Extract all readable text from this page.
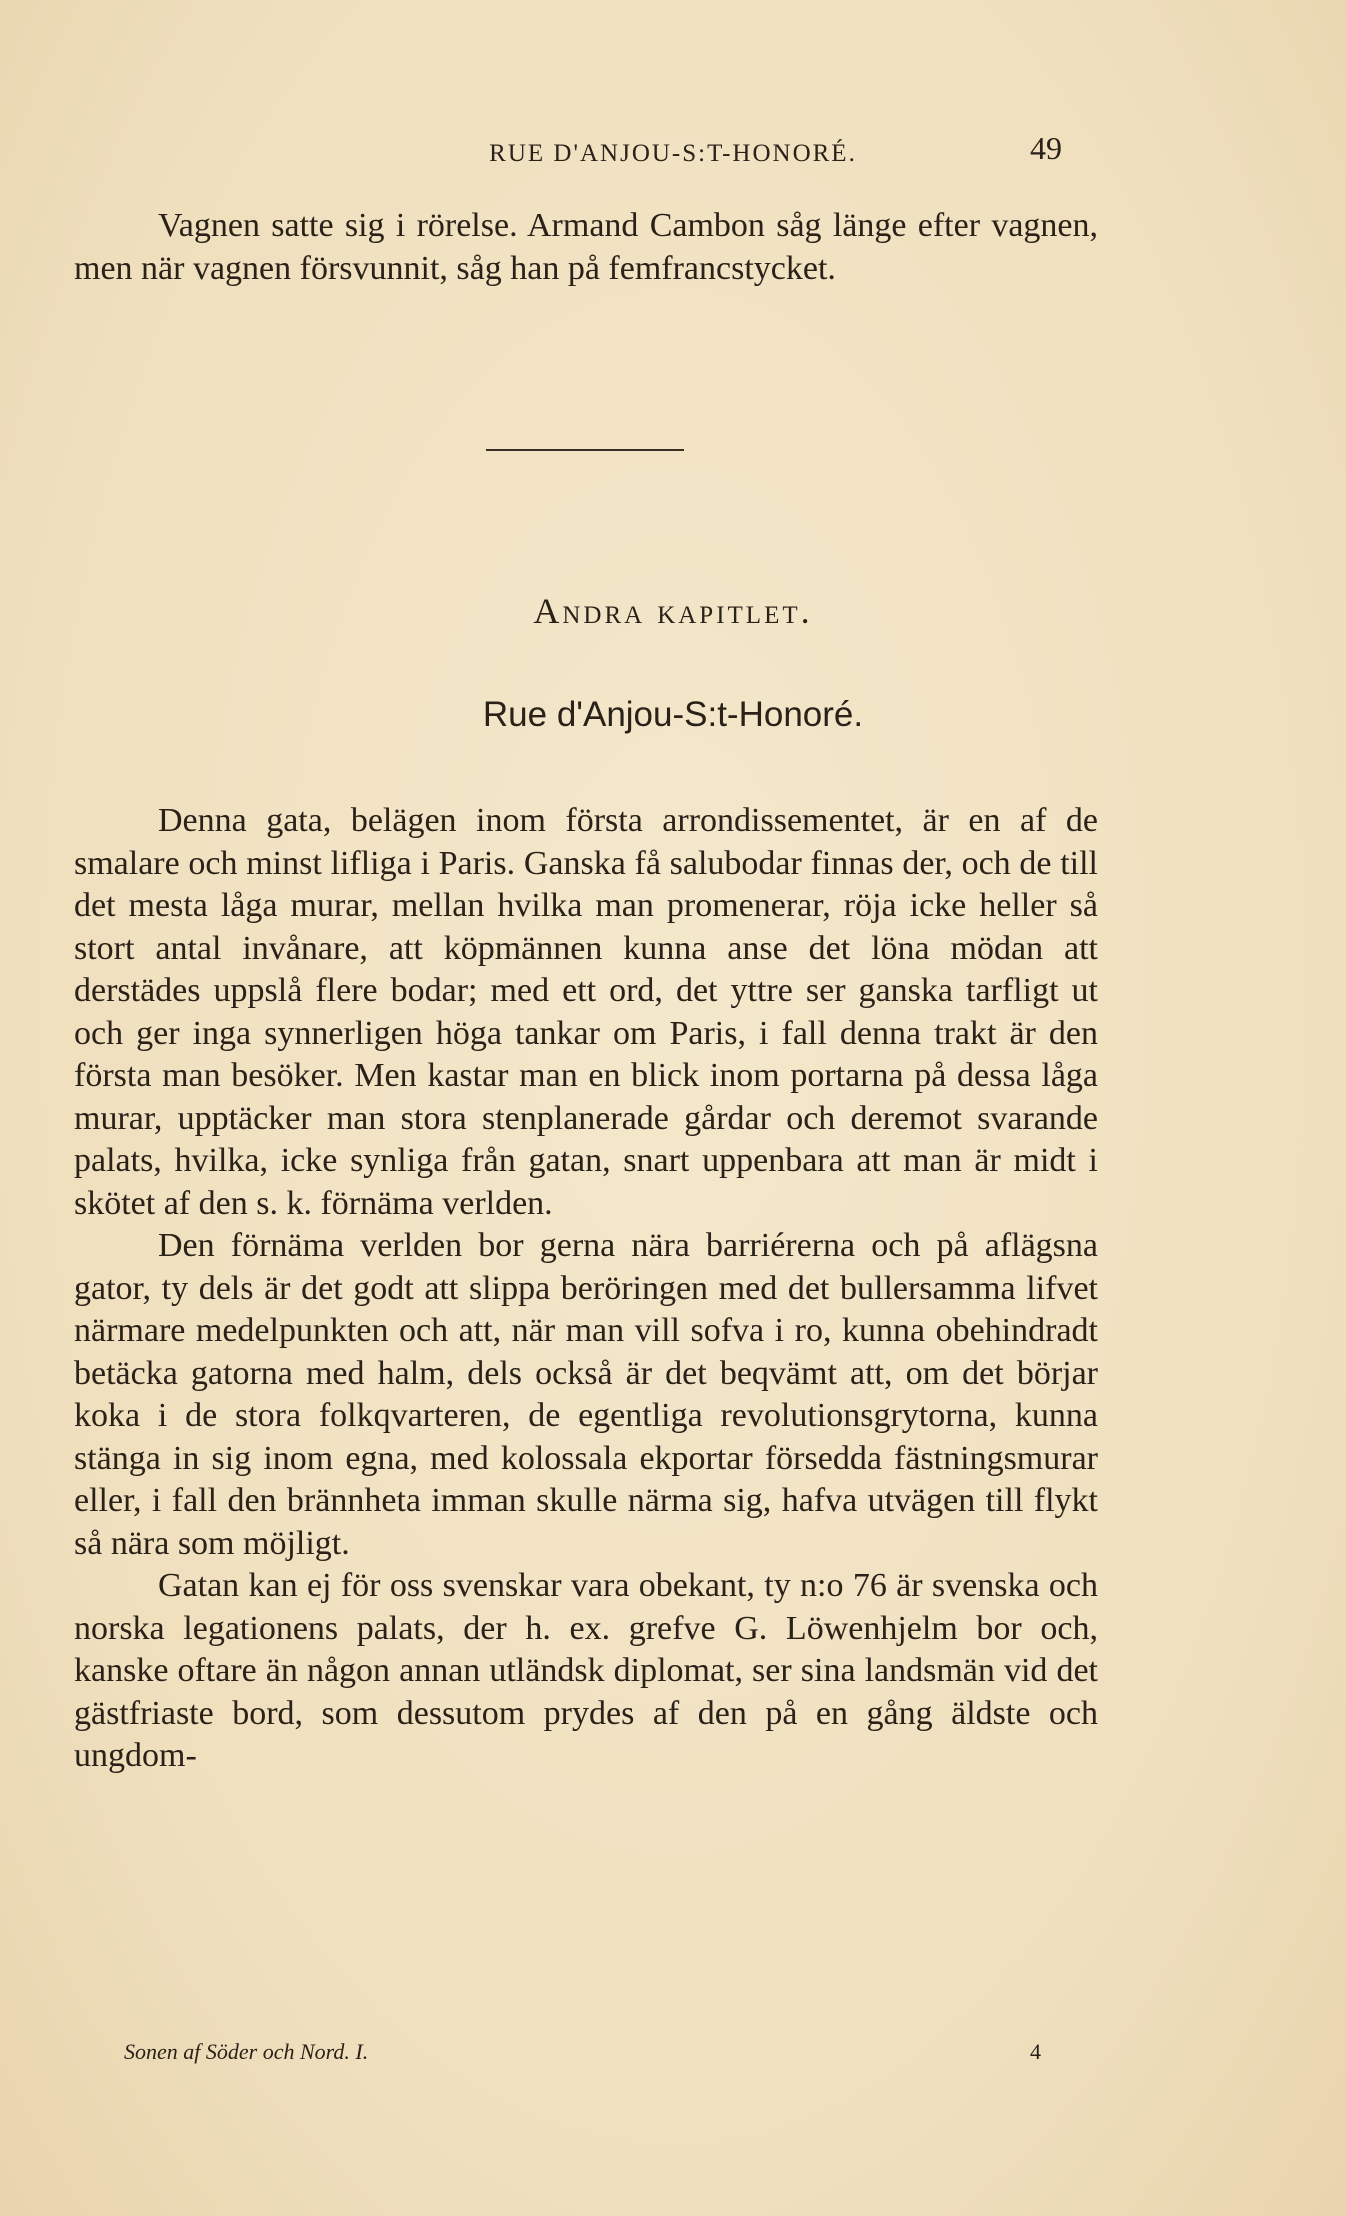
RUE D'ANJOU-S:T-HONORÉ.	49

Vagnen satte sig i rörelse. Armand Cambon såg länge efter vagnen, men när vagnen försvunnit, såg han på femfrancstycket.

Andra kapitlet.
Rue d'Anjou-S:t-Honoré.

Denna gata, belägen inom första arrondissementet, är en af de smalare och minst lifliga i Paris. Ganska få salubodar finnas der, och de till det mesta låga murar, mellan hvilka man promenerar, röja icke heller så stort antal invånare, att köpmännen kunna anse det löna mödan att derstädes uppslå flere bodar; med ett ord, det yttre ser ganska tarfligt ut och ger inga synnerligen höga tankar om Paris, i fall denna trakt är den första man besöker. Men kastar man en blick inom portarna på dessa låga murar, upptäcker man stora stenplanerade gårdar och deremot svarande palats, hvilka, icke synliga från gatan, snart uppenbara att man är midt i skötet af den s. k. förnäma verlden.

Den förnäma verlden bor gerna nära barriérerna och på aflägsna gator, ty dels är det godt att slippa beröringen med det bullersamma lifvet närmare medelpunkten och att, när man vill sofva i ro, kunna obehindradt betäcka gatorna med halm, dels också är det beqvämt att, om det börjar koka i de stora folkqvarteren, de egentliga revolutionsgrytorna, kunna stänga in sig inom egna, med kolossala ekportar försedda fästningsmurar eller, i fall den brännheta imman skulle närma sig, hafva utvägen till flykt så nära som möjligt.

Gatan kan ej för oss svenskar vara obekant, ty n:o 76 är svenska och norska legationens palats, der h. ex. grefve G. Löwenhjelm bor och, kanske oftare än någon annan utländsk diplomat, ser sina landsmän vid det gästfriaste bord, som dessutom prydes af den på en gång äldste och ungdom-

Sonen af Söder och Nord. I.	4
